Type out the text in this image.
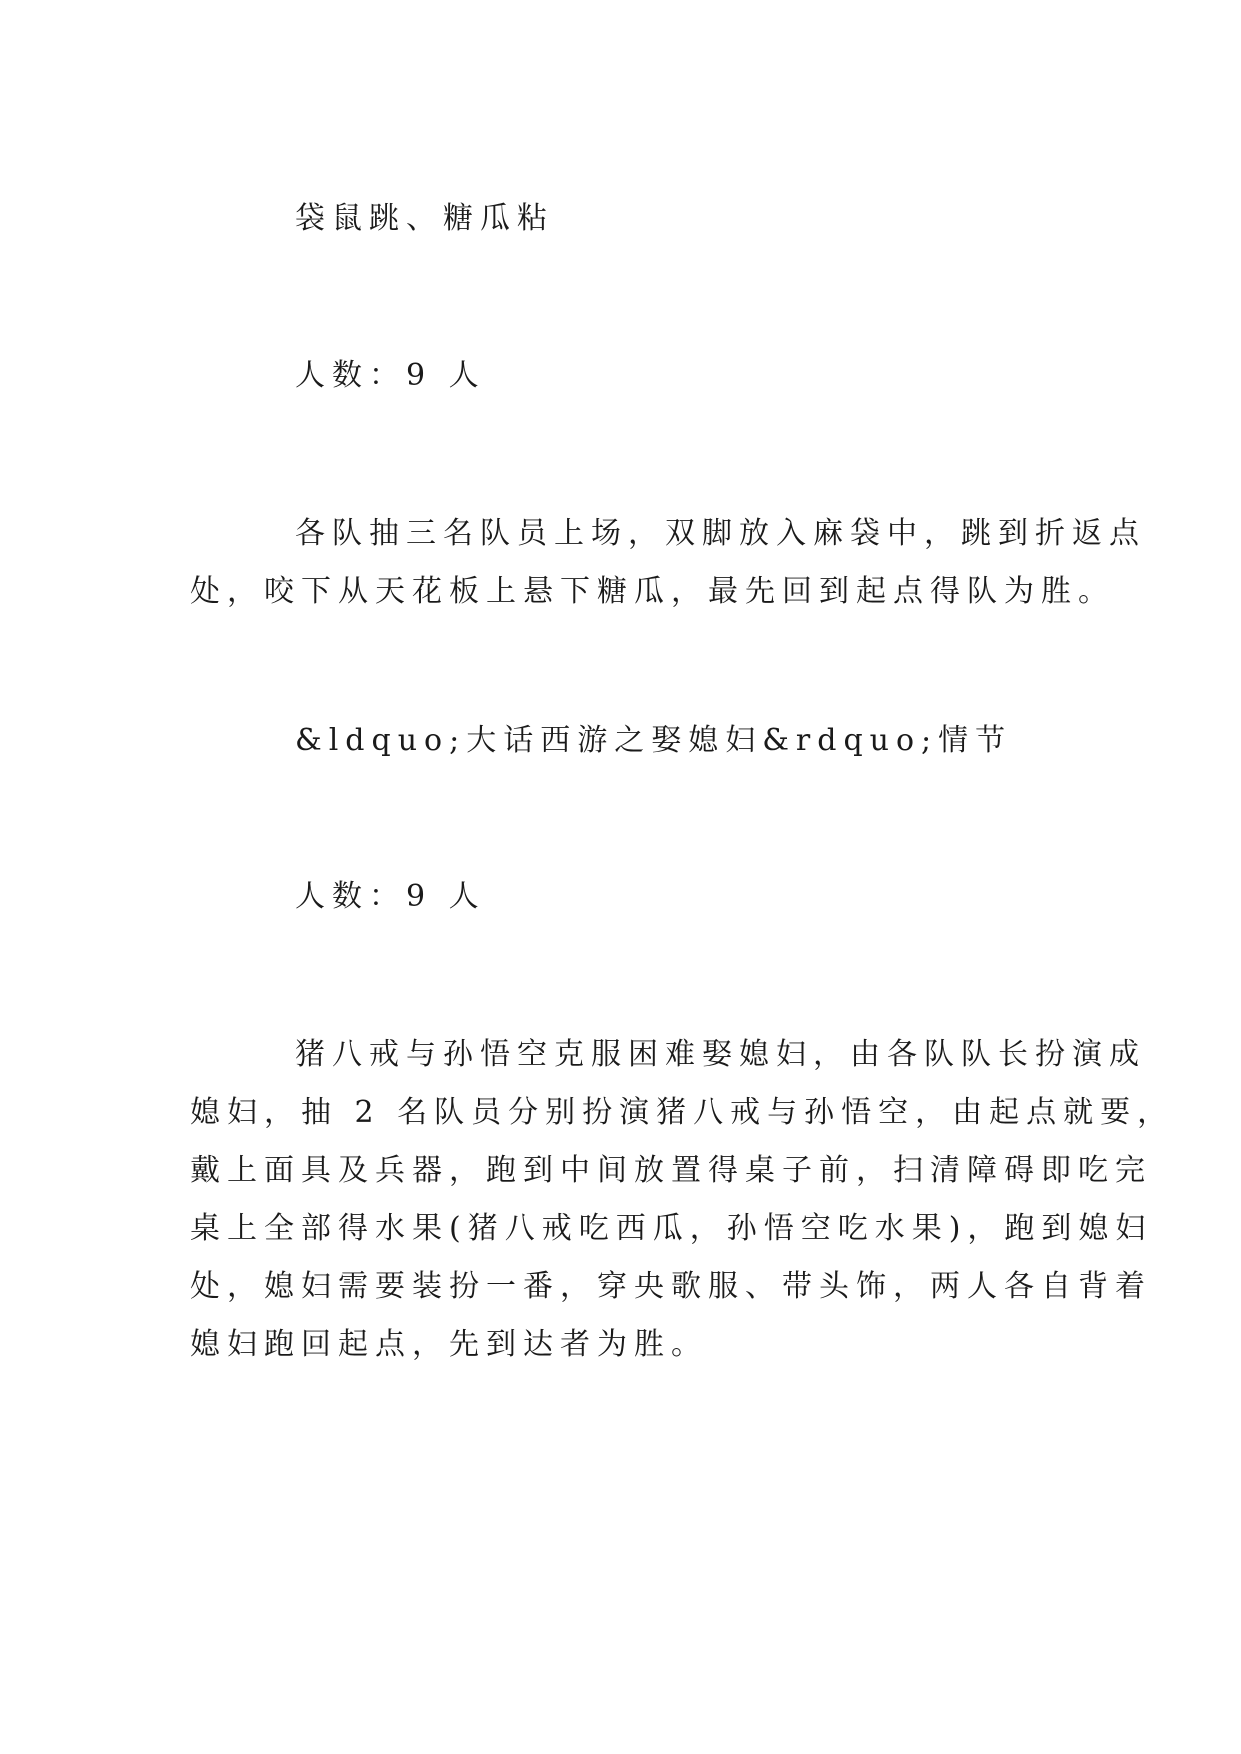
袋鼠跳、糖瓜粘
人数：9 人
各队抽三名队员上场，双脚放入麻袋中，跳到折返点
处，咬下从天花板上悬下糖瓜，最先回到起点得队为胜。
&ldquo;大话西游之娶媳妇&rdquo;情节
人数：9 人
猪八戒与孙悟空克服困难娶媳妇，由各队队长扮演成
媳妇，抽 2 名队员分别扮演猪八戒与孙悟空，由起点就要，
戴上面具及兵器，跑到中间放置得桌子前，扫清障碍即吃完
桌上全部得水果(猪八戒吃西瓜，孙悟空吃水果)，跑到媳妇
处，媳妇需要装扮一番，穿央歌服、带头饰，两人各自背着
媳妇跑回起点，先到达者为胜。
